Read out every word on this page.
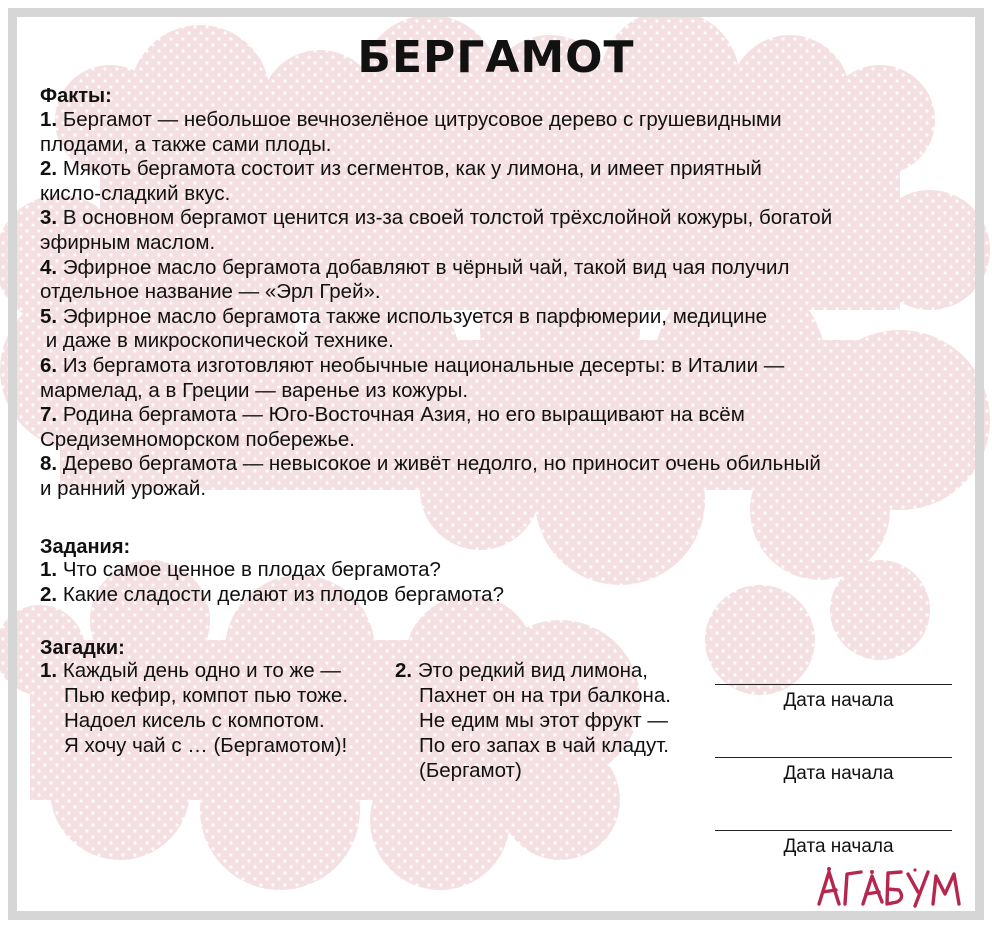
БЕРГАМОТ
Факты:

1. Бергамот — небольшое вечнозелёное цитрусовое дерево с грушевидными
плодами, а также сами плоды.

2. Мякоть бергамота состоит из сегментов, как у лимона, и имеет приятный
кисло-сладкий вкус.

3. В основном бергамот ценится из-за своей толстой трёхслойной кожуры, богатой
эфирным маслом.

4. Эфирное масло бергамота добавляют в чёрный чай, такой вид чая получил
отдельное название — «Эрл Грей».

5. Эфирное масло бергамота также используется в парфюмерии, медицине
и даже в микроскопической технике.

6. Из бергамота изготовляют необычные национальные десерты: в Италии —
мармелад, а в Греции — варенье из кожуры.

7. Родина бергамота — Юго-Восточная Азия, но его выращивают на всём
Средиземноморском побережье.

8. Дерево бергамота — невысокое и живёт недолго, но приносит очень обильный
и ранний урожай.

Задания:

1. Что самое ценное в плодах бергамота?

2. Какие сладости делают из плодов бергамота?

Загадки:
1. Каждый день одно и то же —
Пью кефир, компот пью тоже.
Надоел кисель с компотом.
Я хочу чай с … (Бергамотом)!
2. Это редкий вид лимона,
Пахнет он на три балкона.
Не едим мы этот фрукт —
По его запах в чай кладут.
(Бергамот)
Дата начала
Дата начала
Дата начала
